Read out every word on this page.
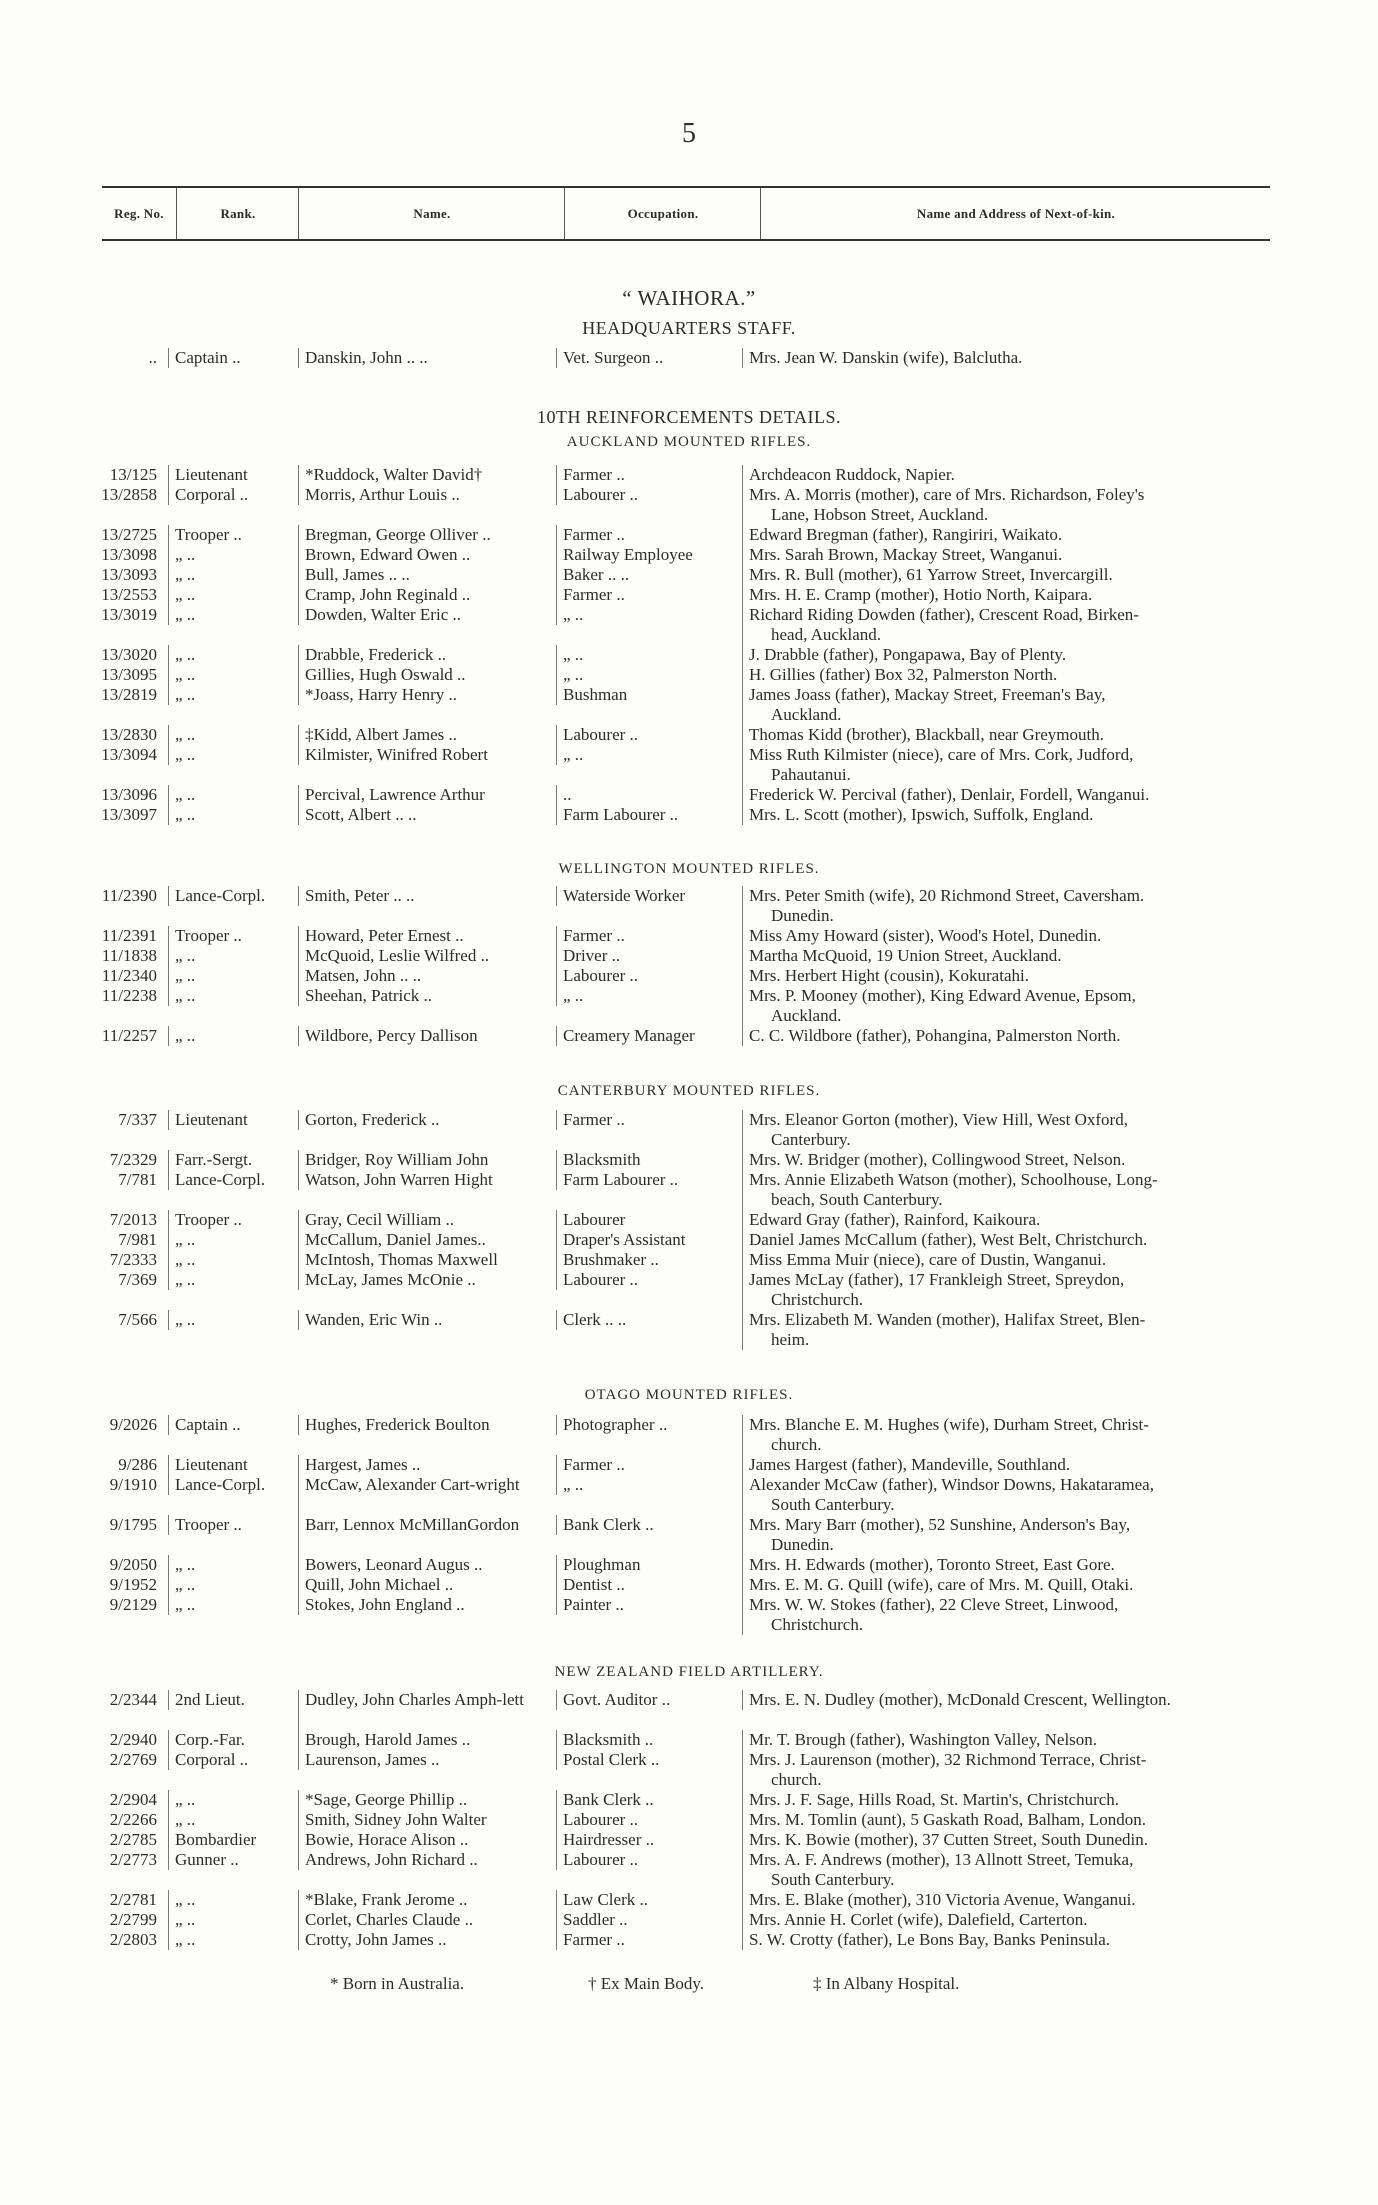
5
Reg. No.	Rank.	Name.	Occupation.	Name and Address of Next-of-kin.
“ WAIHORA.”
HEADQUARTERS STAFF.
..	Captain ..	Danskin, John .. ..	Vet. Surgeon ..	Mrs. Jean W. Danskin (wife), Balclutha.
10TH REINFORCEMENTS DETAILS.
AUCKLAND MOUNTED RIFLES.
13/125	Lieutenant	*Ruddock, Walter David†	Farmer ..	Archdeacon Ruddock, Napier.
13/2858	Corporal ..	Morris, Arthur Louis ..	Labourer ..	Mrs. A. Morris (mother), care of Mrs. Richardson, Foley's
Lane, Hobson Street, Auckland.
13/2725	Trooper ..	Bregman, George Olliver ..	Farmer ..	Edward Bregman (father), Rangiriri, Waikato.
13/3098	„ ..	Brown, Edward Owen ..	Railway Employee	Mrs. Sarah Brown, Mackay Street, Wanganui.
13/3093	„ ..	Bull, James .. ..	Baker .. ..	Mrs. R. Bull (mother), 61 Yarrow Street, Invercargill.
13/2553	„ ..	Cramp, John Reginald ..	Farmer ..	Mrs. H. E. Cramp (mother), Hotio North, Kaipara.
13/3019	„ ..	Dowden, Walter Eric ..	„ ..	Richard Riding Dowden (father), Crescent Road, Birken-
head, Auckland.
13/3020	„ ..	Drabble, Frederick ..	„ ..	J. Drabble (father), Pongapawa, Bay of Plenty.
13/3095	„ ..	Gillies, Hugh Oswald ..	„ ..	H. Gillies (father) Box 32, Palmerston North.
13/2819	„ ..	*Joass, Harry Henry ..	Bushman	James Joass (father), Mackay Street, Freeman's Bay,
Auckland.
13/2830	„ ..	‡Kidd, Albert James ..	Labourer ..	Thomas Kidd (brother), Blackball, near Greymouth.
13/3094	„ ..	Kilmister, Winifred Robert	„ ..	Miss Ruth Kilmister (niece), care of Mrs. Cork, Judford,
Pahautanui.
13/3096	„ ..	Percival, Lawrence Arthur	..	Frederick W. Percival (father), Denlair, Fordell, Wanganui.
13/3097	„ ..	Scott, Albert .. ..	Farm Labourer ..	Mrs. L. Scott (mother), Ipswich, Suffolk, England.
WELLINGTON MOUNTED RIFLES.
11/2390	Lance-Corpl.	Smith, Peter .. ..	Waterside Worker	Mrs. Peter Smith (wife), 20 Richmond Street, Caversham.
Dunedin.
11/2391	Trooper ..	Howard, Peter Ernest ..	Farmer ..	Miss Amy Howard (sister), Wood's Hotel, Dunedin.
11/1838	„ ..	McQuoid, Leslie Wilfred ..	Driver ..	Martha McQuoid, 19 Union Street, Auckland.
11/2340	„ ..	Matsen, John .. ..	Labourer ..	Mrs. Herbert Hight (cousin), Kokuratahi.
11/2238	„ ..	Sheehan, Patrick ..	„ ..	Mrs. P. Mooney (mother), King Edward Avenue, Epsom,
Auckland.
11/2257	„ ..	Wildbore, Percy Dallison	Creamery Manager	C. C. Wildbore (father), Pohangina, Palmerston North.
CANTERBURY MOUNTED RIFLES.
7/337	Lieutenant	Gorton, Frederick ..	Farmer ..	Mrs. Eleanor Gorton (mother), View Hill, West Oxford,
Canterbury.
7/2329	Farr.-Sergt.	Bridger, Roy William John	Blacksmith	Mrs. W. Bridger (mother), Collingwood Street, Nelson.
7/781	Lance-Corpl.	Watson, John Warren Hight	Farm Labourer ..	Mrs. Annie Elizabeth Watson (mother), Schoolhouse, Long-
beach, South Canterbury.
7/2013	Trooper ..	Gray, Cecil William ..	Labourer	Edward Gray (father), Rainford, Kaikoura.
7/981	„ ..	McCallum, Daniel James..	Draper's Assistant	Daniel James McCallum (father), West Belt, Christchurch.
7/2333	„ ..	McIntosh, Thomas Maxwell	Brushmaker ..	Miss Emma Muir (niece), care of Dustin, Wanganui.
7/369	„ ..	McLay, James McOnie ..	Labourer ..	James McLay (father), 17 Frankleigh Street, Spreydon,
Christchurch.
7/566	„ ..	Wanden, Eric Win ..	Clerk .. ..	Mrs. Elizabeth M. Wanden (mother), Halifax Street, Blen-
heim.
OTAGO MOUNTED RIFLES.
9/2026	Captain ..	Hughes, Frederick Boulton	Photographer ..	Mrs. Blanche E. M. Hughes (wife), Durham Street, Christ-
church.
9/286	Lieutenant	Hargest, James ..	Farmer ..	James Hargest (father), Mandeville, Southland.
9/1910	Lance-Corpl.	McCaw, Alexander Cart-wright	„ ..	Alexander McCaw (father), Windsor Downs, Hakataramea,
South Canterbury.
9/1795	Trooper ..	Barr, Lennox McMillanGordon	Bank Clerk ..	Mrs. Mary Barr (mother), 52 Sunshine, Anderson's Bay,
Dunedin.
9/2050	„ ..	Bowers, Leonard Augus ..	Ploughman	Mrs. H. Edwards (mother), Toronto Street, East Gore.
9/1952	„ ..	Quill, John Michael ..	Dentist ..	Mrs. E. M. G. Quill (wife), care of Mrs. M. Quill, Otaki.
9/2129	„ ..	Stokes, John England ..	Painter ..	Mrs. W. W. Stokes (father), 22 Cleve Street, Linwood,
Christchurch.
NEW ZEALAND FIELD ARTILLERY.
2/2344	2nd Lieut.	Dudley, John Charles Amph-lett	Govt. Auditor ..	Mrs. E. N. Dudley (mother), McDonald Crescent, Wellington.
2/2940	Corp.-Far.	Brough, Harold James ..	Blacksmith ..	Mr. T. Brough (father), Washington Valley, Nelson.
2/2769	Corporal ..	Laurenson, James ..	Postal Clerk ..	Mrs. J. Laurenson (mother), 32 Richmond Terrace, Christ-
church.
2/2904	„ ..	*Sage, George Phillip ..	Bank Clerk ..	Mrs. J. F. Sage, Hills Road, St. Martin's, Christchurch.
2/2266	„ ..	Smith, Sidney John Walter	Labourer ..	Mrs. M. Tomlin (aunt), 5 Gaskath Road, Balham, London.
2/2785	Bombardier	Bowie, Horace Alison ..	Hairdresser ..	Mrs. K. Bowie (mother), 37 Cutten Street, South Dunedin.
2/2773	Gunner ..	Andrews, John Richard ..	Labourer ..	Mrs. A. F. Andrews (mother), 13 Allnott Street, Temuka,
South Canterbury.
2/2781	„ ..	*Blake, Frank Jerome ..	Law Clerk ..	Mrs. E. Blake (mother), 310 Victoria Avenue, Wanganui.
2/2799	„ ..	Corlet, Charles Claude ..	Saddler ..	Mrs. Annie H. Corlet (wife), Dalefield, Carterton.
2/2803	„ ..	Crotty, John James ..	Farmer ..	S. W. Crotty (father), Le Bons Bay, Banks Peninsula.
* Born in Australia.	† Ex Main Body.	‡ In Albany Hospital.
